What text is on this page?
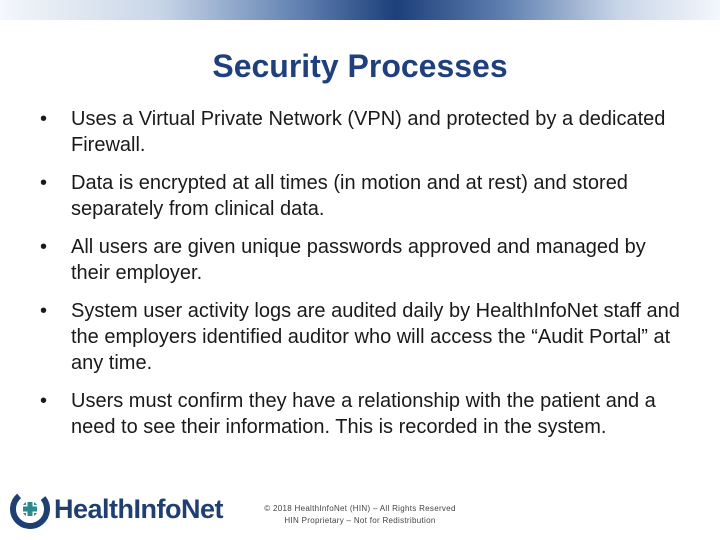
Security Processes
•	Uses a Virtual Private Network (VPN) and protected by a dedicated Firewall.
•	Data is encrypted at all times (in motion and at rest) and stored separately from clinical data.
•	All users are given unique passwords approved and managed by their employer.
•	System user activity logs are audited daily by HealthInfoNet staff and the employers identified auditor who will access the “Audit Portal” at any time.
•	Users must confirm they have a relationship with the patient and a need to see their information. This is recorded in the system.
HealthInfoNet	© 2018 HealthInfoNet (HIN) – All Rights Reserved
HIN Proprietary – Not for Redistribution
